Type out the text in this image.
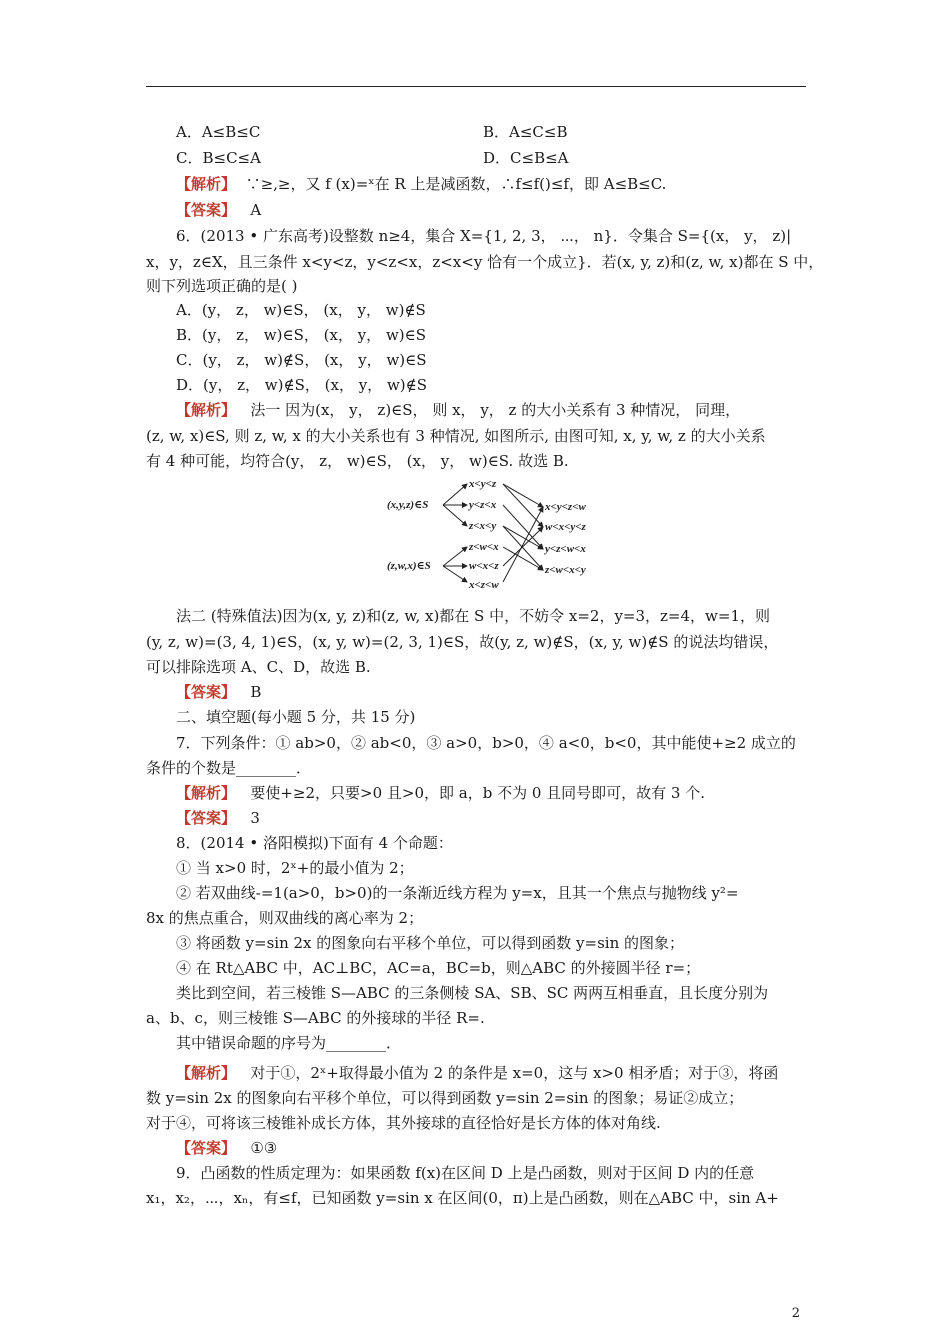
A．A≤B≤C	B．A≤C≤B
C．B≤C≤A	D．C≤B≤A
【解析】 ∵≥,≥，又 f (x)=ˣ在 R 上是减函数，∴f≤f()≤f，即 A≤B≤C.
【答案】 A
6．(2013 • 广东高考)设整数 n≥4，集合 X={1, 2, 3， ⋯， n}．令集合 S={(x， y， z)|
x，y，z∈X，且三条件 x<y<z，y<z<x，z<x<y 恰有一个成立}．若(x, y, z)和(z, w, x)都在 S 中，
则下列选项正确的是( )
A．(y， z， w)∈S， (x， y， w)∉S
B．(y， z， w)∈S， (x， y， w)∈S
C．(y， z， w)∉S， (x， y， w)∈S
D．(y， z， w)∉S， (x， y， w)∉S
【解析】 法一 因为(x， y， z)∈S， 则 x， y， z 的大小关系有 3 种情况， 同理，
(z, w, x)∈S, 则 z, w, x 的大小关系也有 3 种情况, 如图所示, 由图可知, x, y, w, z 的大小关系
有 4 种可能，均符合(y， z， w)∈S， (x， y， w)∈S. 故选 B.
(x,y,z)∈S
(z,w,x)∈S
x<y<z
y<z<x
z<x<y
z<w<x
w<x<z
x<z<w
x<y<z<w
w<x<y<z
y<z<w<x
z<w<x<y
法二 (特殊值法)因为(x, y, z)和(z, w, x)都在 S 中，不妨令 x=2，y=3，z=4，w=1，则
(y, z, w)=(3, 4, 1)∈S，(x, y, w)=(2, 3, 1)∈S，故(y, z, w)∉S，(x, y, w)∉S 的说法均错误，
可以排除选项 A、C、D，故选 B.
【答案】 B
二、填空题(每小题 5 分，共 15 分)
7．下列条件：① ab>0，② ab<0，③ a>0，b>0，④ a<0，b<0，其中能使+≥2 成立的
条件的个数是________．
【解析】 要使+≥2，只要>0 且>0，即 a，b 不为 0 且同号即可，故有 3 个.
【答案】 3
8．(2014 • 洛阳模拟)下面有 4 个命题：
① 当 x>0 时，2ˣ+的最小值为 2；
② 若双曲线-=1(a>0，b>0)的一条渐近线方程为 y=x，且其一个焦点与抛物线 y²=
8x 的焦点重合，则双曲线的离心率为 2；
③ 将函数 y=sin 2x 的图象向右平移个单位，可以得到函数 y=sin 的图象；
④ 在 Rt△ABC 中，AC⊥BC，AC=a，BC=b，则△ABC 的外接圆半径 r=；
类比到空间，若三棱锥 S—ABC 的三条侧棱 SA、SB、SC 两两互相垂直，且长度分别为
a、b、c，则三棱锥 S—ABC 的外接球的半径 R=.
其中错误命题的序号为________．
【解析】 对于①，2ˣ+取得最小值为 2 的条件是 x=0，这与 x>0 相矛盾；对于③，将函
数 y=sin 2x 的图象向右平移个单位，可以得到函数 y=sin 2=sin 的图象；易证②成立；
对于④，可将该三棱锥补成长方体，其外接球的直径恰好是长方体的体对角线.
【答案】 ①③
9．凸函数的性质定理为：如果函数 f(x)在区间 D 上是凸函数，则对于区间 D 内的任意
x₁，x₂，⋯，xₙ，有≤f，已知函数 y=sin x 在区间(0，π)上是凸函数，则在△ABC 中，sin A+
2
